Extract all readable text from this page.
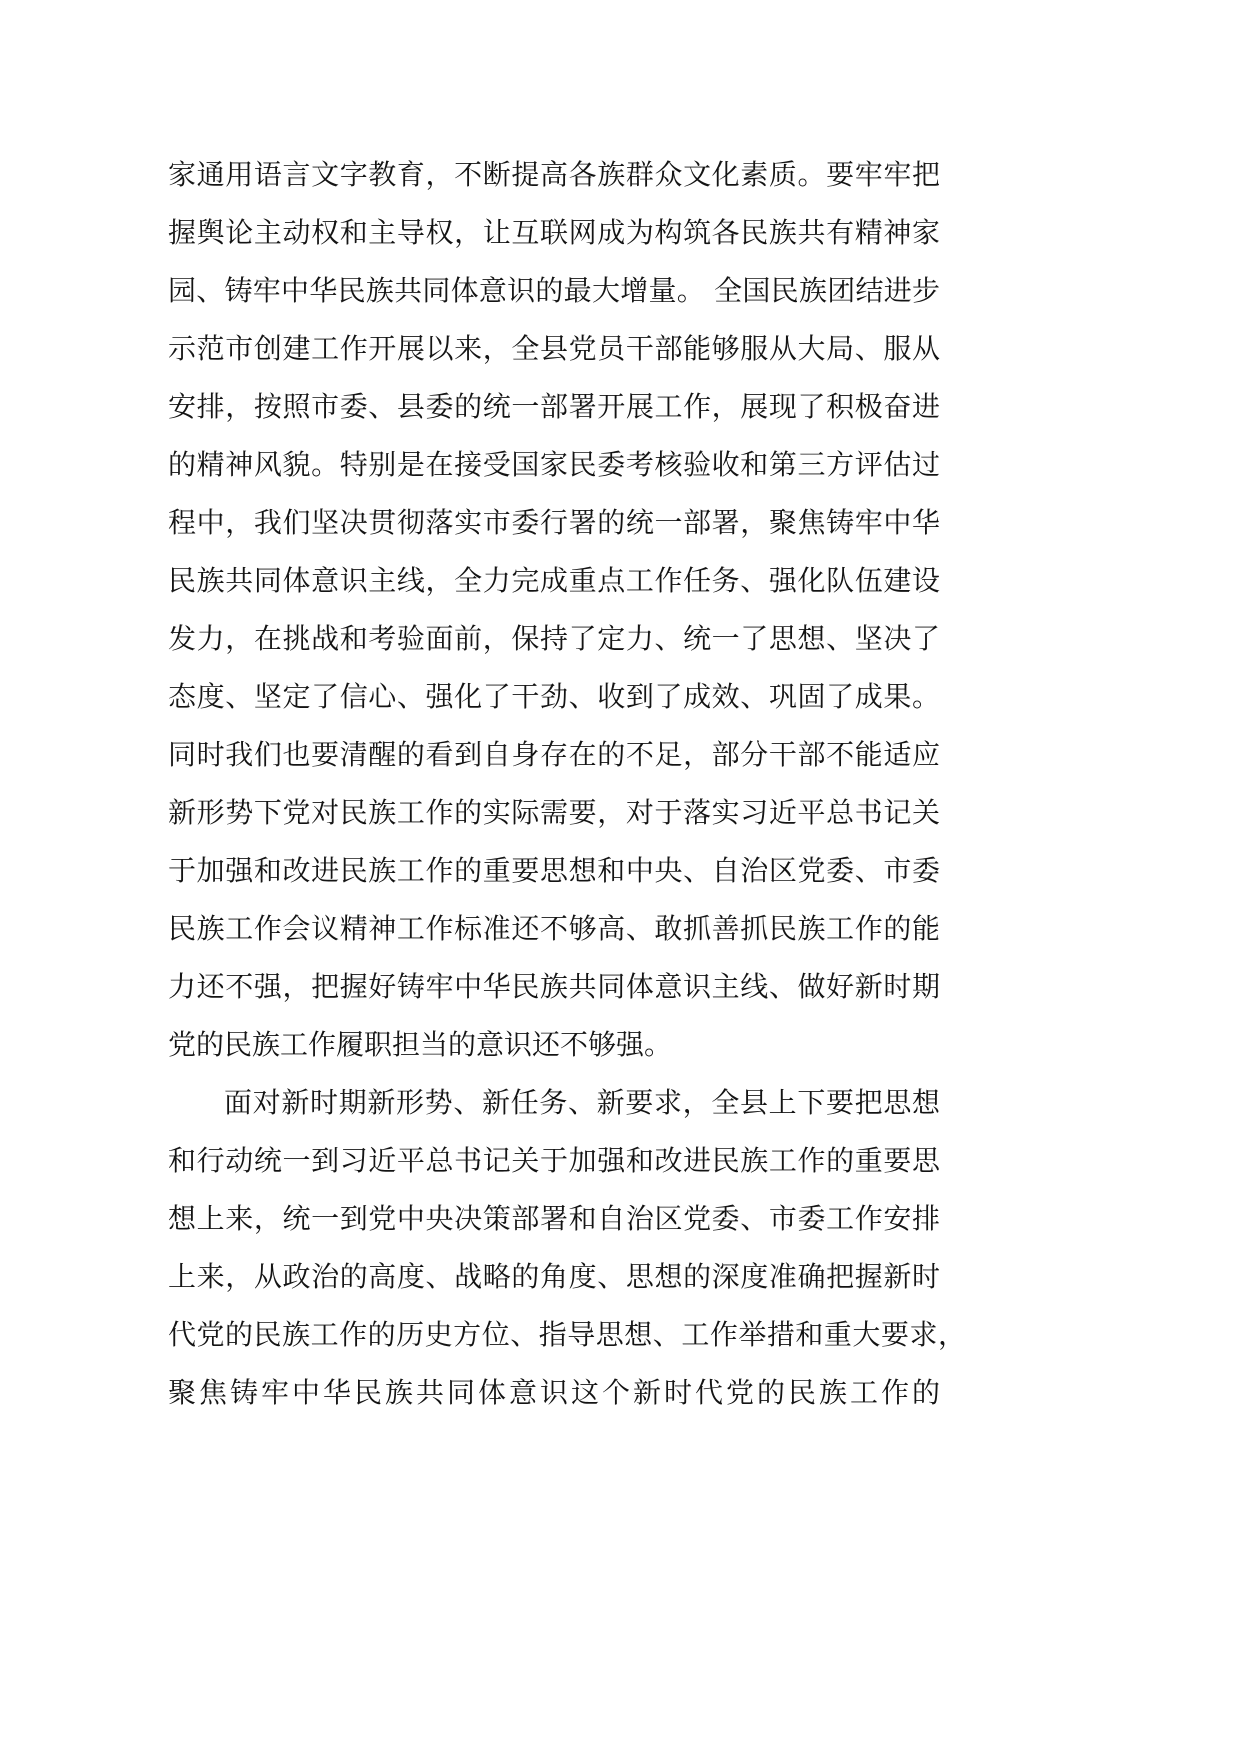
家通用语言文字教育，不断提高各族群众文化素质。要牢牢把
握舆论主动权和主导权，让互联网成为构筑各民族共有精神家
园、铸牢中华民族共同体意识的最大增量。 全国民族团结进步
示范市创建工作开展以来，全县党员干部能够服从大局、服从
安排，按照市委、县委的统一部署开展工作，展现了积极奋进
的精神风貌。特别是在接受国家民委考核验收和第三方评估过
程中，我们坚决贯彻落实市委行署的统一部署，聚焦铸牢中华
民族共同体意识主线，全力完成重点工作任务、强化队伍建设
发力，在挑战和考验面前，保持了定力、统一了思想、坚决了
态度、坚定了信心、强化了干劲、收到了成效、巩固了成果。
同时我们也要清醒的看到自身存在的不足，部分干部不能适应
新形势下党对民族工作的实际需要，对于落实习近平总书记关
于加强和改进民族工作的重要思想和中央、自治区党委、市委
民族工作会议精神工作标准还不够高、敢抓善抓民族工作的能
力还不强，把握好铸牢中华民族共同体意识主线、做好新时期
党的民族工作履职担当的意识还不够强。
面对新时期新形势、新任务、新要求，全县上下要把思想
和行动统一到习近平总书记关于加强和改进民族工作的重要思
想上来，统一到党中央决策部署和自治区党委、市委工作安排
上来，从政治的高度、战略的角度、思想的深度准确把握新时
代党的民族工作的历史方位、指导思想、工作举措和重大要求，
聚焦铸牢中华民族共同体意识这个新时代党的民族工作的
